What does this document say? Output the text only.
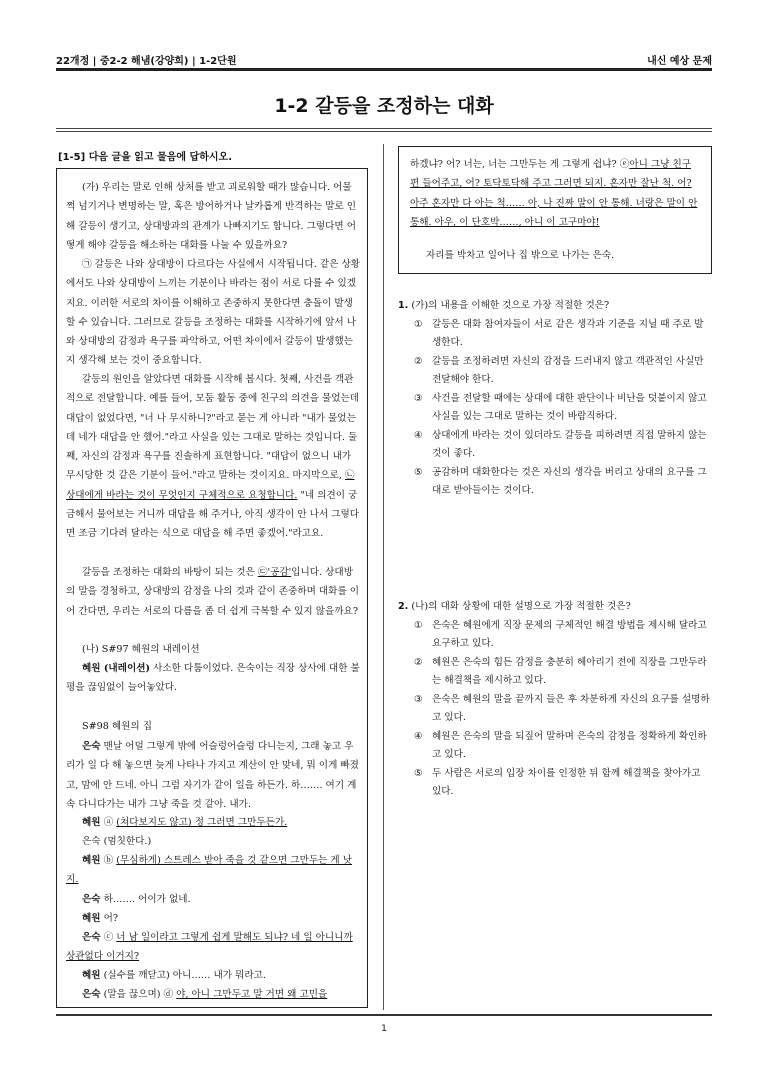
22개정 | 중2-2 해냄(강양희) | 1-2단원	내신 예상 문제
1-2 갈등을 조정하는 대화
[1-5] 다음 글을 읽고 물음에 답하시오.

(가) 우리는 말로 인해 상처를 받고 괴로워할 때가 많습니다. 어물쩍 넘기거나 변명하는 말, 혹은 방어하거나 날카롭게 반격하는 말로 인해 갈등이 생기고, 상대방과의 관계가 나빠지기도 합니다. 그렇다면 어떻게 해야 갈등을 해소하는 대화를 나눌 수 있을까요?

㉠ 갈등은 나와 상대방이 다르다는 사실에서 시작됩니다. 같은 상황에서도 나와 상대방이 느끼는 기분이나 바라는 점이 서로 다를 수 있겠지요. 이러한 서로의 차이를 이해하고 존중하지 못한다면 충돌이 발생할 수 있습니다. 그러므로 갈등을 조정하는 대화를 시작하기에 앞서 나와 상대방의 감정과 욕구를 파악하고, 어떤 차이에서 갈등이 발생했는지 생각해 보는 것이 중요합니다.

갈등의 원인을 알았다면 대화를 시작해 봅시다. 첫째, 사건을 객관적으로 전달합니다. 예를 들어, 모둠 활동 중에 친구의 의견을 물었는데 대답이 없었다면, "너 나 무시하니?"라고 묻는 게 아니라 "내가 물었는데 네가 대답을 안 했어."라고 사실을 있는 그대로 말하는 것입니다. 둘째, 자신의 감정과 욕구를 진솔하게 표현합니다. "대답이 없으니 내가 무시당한 것 같은 기분이 들어."라고 말하는 것이지요. 마지막으로, ㉡상대에게 바라는 것이 무엇인지 구체적으로 요청합니다. "네 의견이 궁금해서 물어보는 거니까 대답을 해 주거나, 아직 생각이 안 나서 그렇다면 조금 기다려 달라는 식으로 대답을 해 주면 좋겠어."라고요.

갈등을 조정하는 대화의 바탕이 되는 것은 ㉢'공감'입니다. 상대방의 말을 경청하고, 상대방의 감정을 나의 것과 같이 존중하며 대화를 이어 간다면, 우리는 서로의 다름을 좀 더 쉽게 극복할 수 있지 않을까요?

(나) S#97 혜원의 내레이션

혜원 (내레이션) 사소한 다툼이었다. 은숙이는 직장 상사에 대한 불평을 끊임없이 늘어놓았다.

S#98 혜원의 집

은숙 맨날 어덜 그렇게 밖에 어슬렁어슬렁 다니는지, 그래 놓고 우리가 일 다 해 놓으면 늦게 나타나 가지고 계산이 안 맞네, 뭐 이게 빠졌고, 맘에 안 드네. 아니 그럼 자기가 같이 일을 하든가. 하……. 여기 계속 다니다가는 내가 그냥 죽을 것 같아. 내가.

혜원 ⓐ (쳐다보지도 않고) 정 그러면 그만두든가.

은숙 (멈칫한다.)

혜원 ⓑ (무심하게) 스트레스 받아 죽을 것 같으면 그만두는 게 낫지.

은숙 하……. 어이가 없네.

혜원 어?

은숙 ⓒ 너 남 일이라고 그렇게 쉽게 말해도 되냐? 네 일 아니니까 상관없다 이거지?

혜원 (실수를 깨닫고) 아니…… 내가 뭐라고.

은숙 (말을 끊으며) ⓓ 야, 아니 그만두고 말 거면 왜 고민을

하겠냐? 어? 너는, 너는 그만두는 게 그렇게 쉽냐? ⓔ아니 그냥 친구 편 들어주고, 어? 토닥토닥해 주고 그러면 되지. 혼자만 잘난 척. 어? 아주 혼자만 다 아는 척…… 아, 나 진짜 말이 안 통해. 너랑은 말이 안 통해. 아우, 이 단호박……, 아니 이 고구마야!

자리를 박차고 일어나 집 밖으로 나가는 은숙.

1. (가)의 내용을 이해한 것으로 가장 적절한 것은?

① 갈등은 대화 참여자들이 서로 같은 생각과 기준을 지닐 때 주로 발생한다.

② 갈등을 조정하려면 자신의 감정을 드러내지 않고 객관적인 사실만 전달해야 한다.

③ 사건을 전달할 때에는 상대에 대한 판단이나 비난을 덧붙이지 않고 사실을 있는 그대로 말하는 것이 바람직하다.

④ 상대에게 바라는 것이 있더라도 갈등을 피하려면 직접 말하지 않는 것이 좋다.

⑤ 공감하며 대화한다는 것은 자신의 생각을 버리고 상대의 요구를 그대로 받아들이는 것이다.

2. (나)의 대화 상황에 대한 설명으로 가장 적절한 것은?

① 은숙은 혜원에게 직장 문제의 구체적인 해결 방법을 제시해 달라고 요구하고 있다.

② 혜원은 은숙의 힘든 감정을 충분히 헤아리기 전에 직장을 그만두라는 해결책을 제시하고 있다.

③ 은숙은 혜원의 말을 끝까지 들은 후 차분하게 자신의 요구를 설명하고 있다.

④ 혜원은 은숙의 말을 되짚어 말하며 은숙의 감정을 정확하게 확인하고 있다.

⑤ 두 사람은 서로의 입장 차이를 인정한 뒤 함께 해결책을 찾아가고 있다.

1
